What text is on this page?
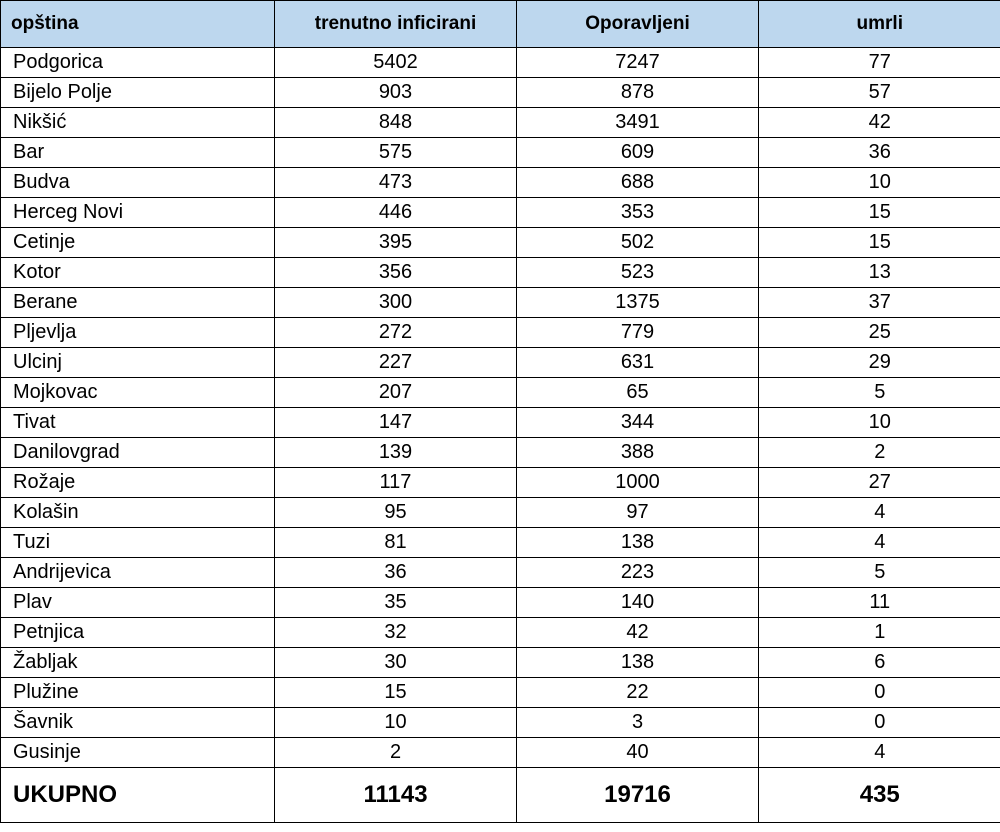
opština	trenutno inficirani	Oporavljeni	umrli
Podgorica	5402	7247	77
Bijelo Polje	903	878	57
Nikšić	848	3491	42
Bar	575	609	36
Budva	473	688	10
Herceg Novi	446	353	15
Cetinje	395	502	15
Kotor	356	523	13
Berane	300	1375	37
Pljevlja	272	779	25
Ulcinj	227	631	29
Mojkovac	207	65	5
Tivat	147	344	10
Danilovgrad	139	388	2
Rožaje	117	1000	27
Kolašin	95	97	4
Tuzi	81	138	4
Andrijevica	36	223	5
Plav	35	140	11
Petnjica	32	42	1
Žabljak	30	138	6
Plužine	15	22	0
Šavnik	10	3	0
Gusinje	2	40	4
UKUPNO	11143	19716	435
